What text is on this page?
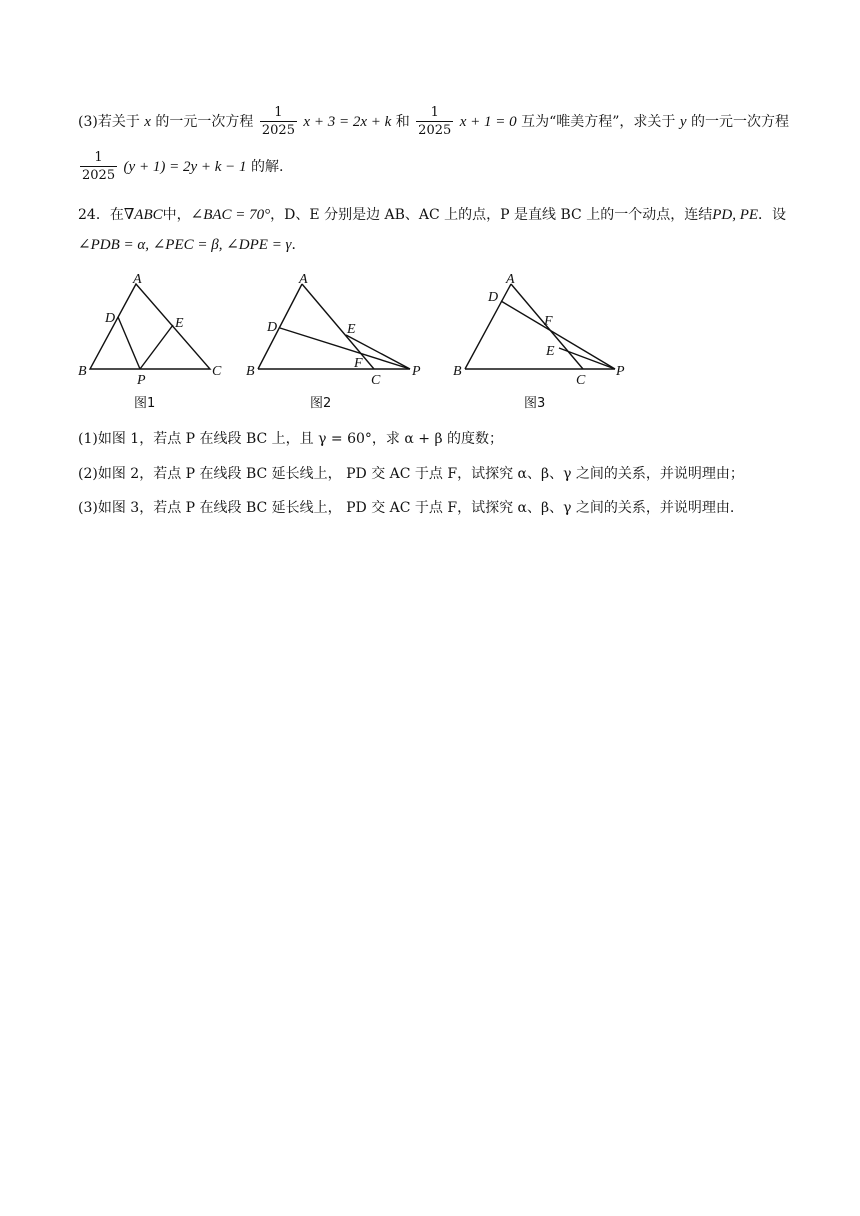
(3)若关于 x 的一元一次方程 $\frac{1}{2025}$ x + 3 = 2x + k 和 $\frac{1}{2025}$ x + 1 = 0 互为“唯美方程”，求关于 y 的一元一次方程
$\frac{1}{2025} (y + 1) = 2y + k - 1$ 的解.
24．在∇ABC中，∠BAC = 70°，D、E 分别是边 AB、AC 上的点，P 是直线 BC 上的一个动点，连结PD, PE．设
∠PDB = α, ∠PEC = β, ∠DPE = γ．
A
D	E
B
P
C
图1
A
D	E
F
B
C
P
图2
A
D
F
E
B
C
P
图3
(1)如图 1，若点 P 在线段 BC 上，且 γ = 60°，求 α + β 的度数；
(2)如图 2，若点 P 在线段 BC 延长线上， PD 交 AC 于点 F，试探究 α、β、γ 之间的关系，并说明理由；
(3)如图 3，若点 P 在线段 BC 延长线上， PD 交 AC 于点 F，试探究 α、β、γ 之间的关系，并说明理由.
